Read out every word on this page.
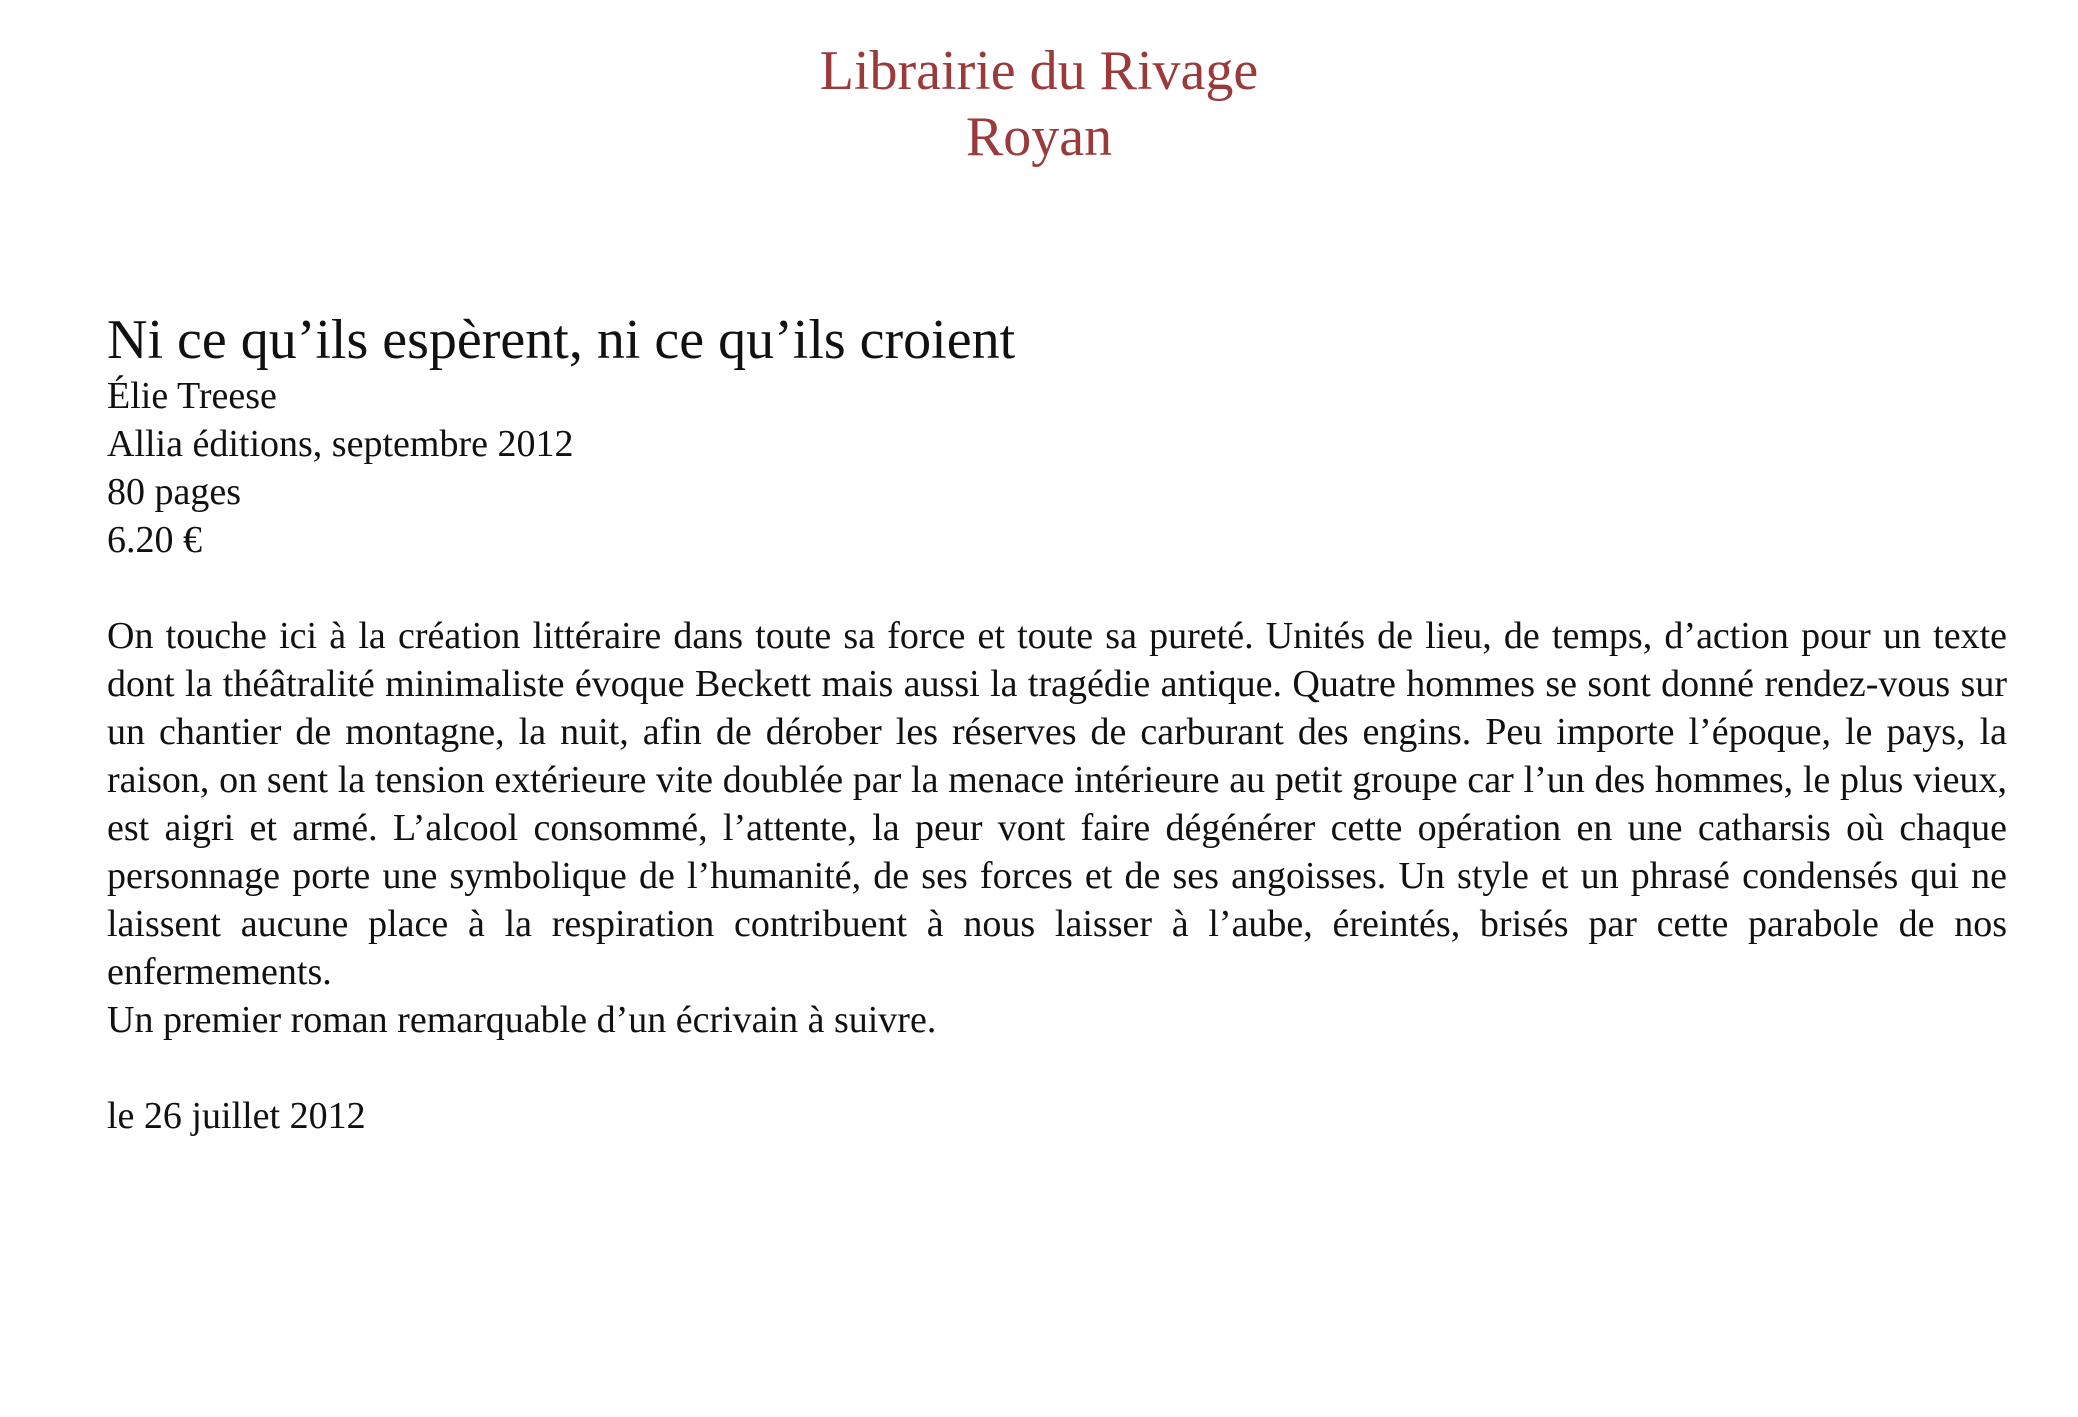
Librairie du Rivage
Royan
Ni ce qu’ils espèrent, ni ce qu’ils croient
Élie Treese
Allia éditions, septembre 2012
80 pages
6.20 €
On touche ici à la création littéraire dans toute sa force et toute sa pureté. Unités de lieu, de temps, d’action pour un texte dont la théâtralité minimaliste évoque Beckett mais aussi la tragédie antique. Quatre hommes se sont donné rendez-vous sur un chantier de montagne, la nuit, afin de dérober les réserves de carburant des engins. Peu importe l’époque, le pays, la raison, on sent la tension extérieure vite doublée par la menace intérieure au petit groupe car l’un des hommes, le plus vieux, est aigri et armé. L’alcool consommé, l’attente, la peur vont faire dégénérer cette opération en une catharsis où chaque personnage porte une symbolique de l’humanité, de ses forces et de ses angoisses. Un style et un phrasé condensés qui ne laissent aucune place à la respiration contribuent à nous laisser à l’aube, éreintés, brisés par cette parabole de nos enfermements.
Un premier roman remarquable d’un écrivain à suivre.
le 26 juillet 2012
